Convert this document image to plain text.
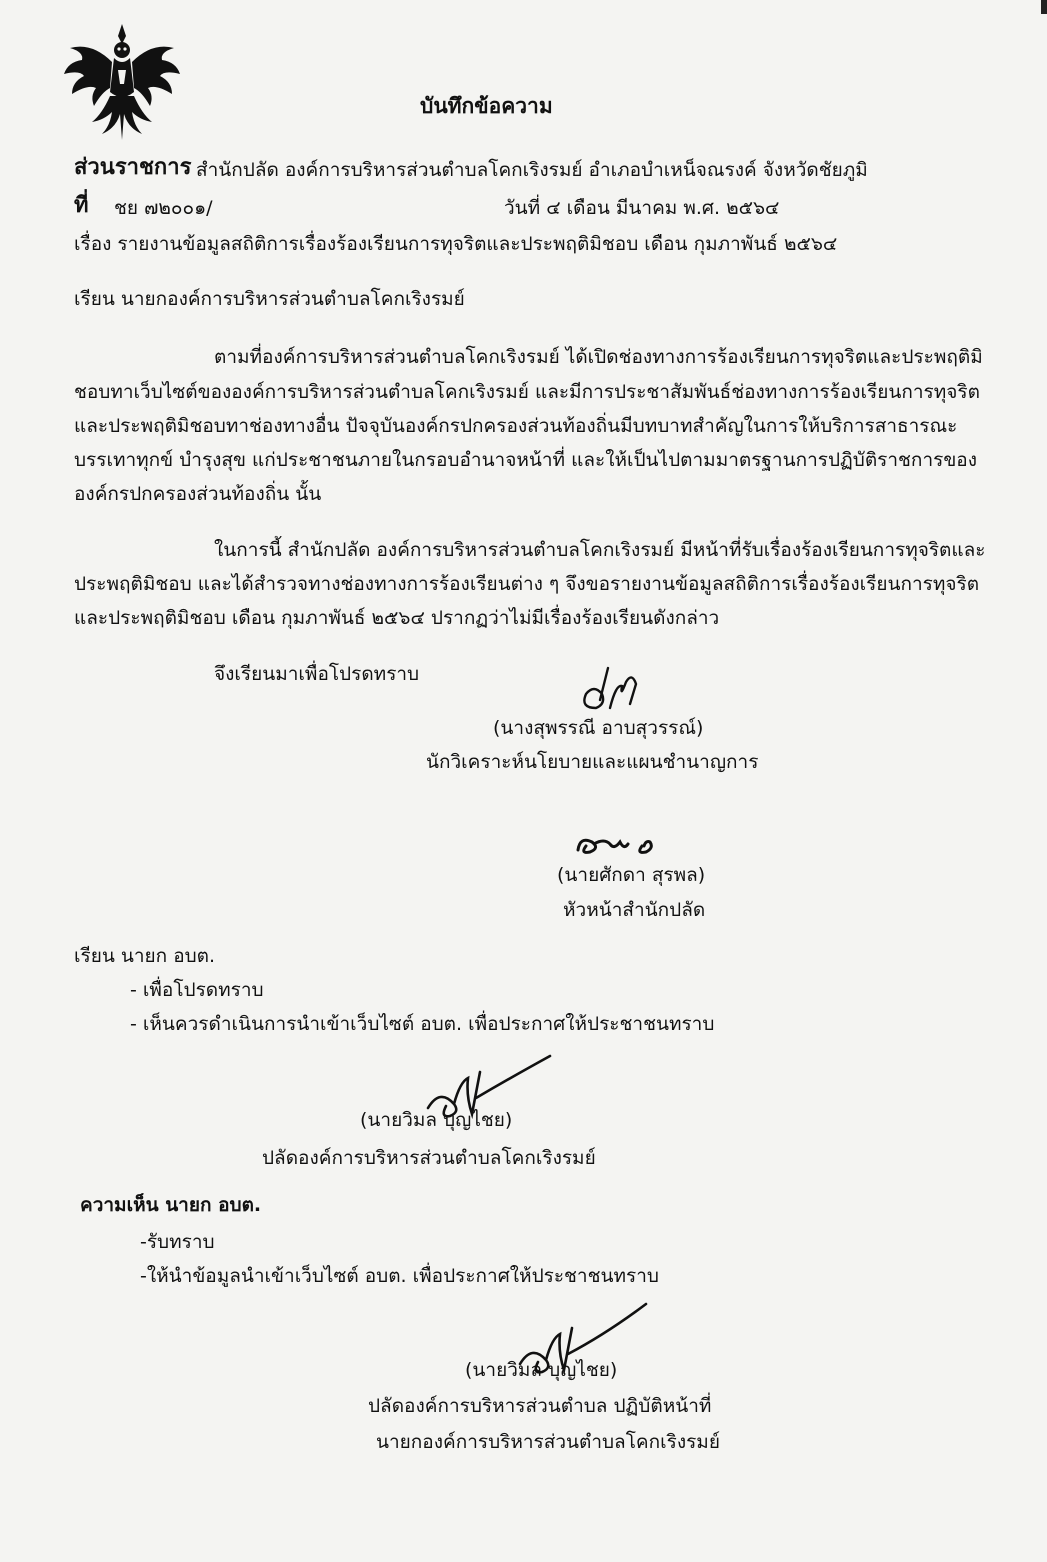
บันทึกข้อความ
ส่วนราชการ สำนักปลัด องค์การบริหารส่วนตำบลโคกเริงรมย์ อำเภอบำเหน็จณรงค์ จังหวัดชัยภูมิ
ที่ ชย ๗๒๐๐๑/	วันที่ ๔ เดือน มีนาคม พ.ศ. ๒๕๖๔
เรื่อง รายงานข้อมูลสถิติการเรื่องร้องเรียนการทุจริตและประพฤติมิชอบ เดือน กุมภาพันธ์ ๒๕๖๔
เรียน นายกองค์การบริหารส่วนตำบลโคกเริงรมย์
ตามที่องค์การบริหารส่วนตำบลโคกเริงรมย์ ได้เปิดช่องทางการร้องเรียนการทุจริตและประพฤติมิ
ชอบทาเว็บไซต์ขององค์การบริหารส่วนตำบลโคกเริงรมย์ และมีการประชาสัมพันธ์ช่องทางการร้องเรียนการทุจริต
และประพฤติมิชอบทาช่องทางอื่น ปัจจุบันองค์กรปกครองส่วนท้องถิ่นมีบทบาทสำคัญในการให้บริการสาธารณะ
บรรเทาทุกข์ บำรุงสุข แก่ประชาชนภายในกรอบอำนาจหน้าที่ และให้เป็นไปตามมาตรฐานการปฏิบัติราชการของ
องค์กรปกครองส่วนท้องถิ่น นั้น
ในการนี้ สำนักปลัด องค์การบริหารส่วนตำบลโคกเริงรมย์ มีหน้าที่รับเรื่องร้องเรียนการทุจริตและ
ประพฤติมิชอบ และได้สำรวจทางช่องทางการร้องเรียนต่าง ๆ จึงขอรายงานข้อมูลสถิติการเรื่องร้องเรียนการทุจริต
และประพฤติมิชอบ เดือน กุมภาพันธ์ ๒๕๖๔ ปรากฏว่าไม่มีเรื่องร้องเรียนดังกล่าว
จึงเรียนมาเพื่อโปรดทราบ
(นางสุพรรณี อาบสุวรรณ์)
นักวิเคราะห์นโยบายและแผนชำนาญการ
(นายศักดา สุรพล)
หัวหน้าสำนักปลัด
เรียน นายก อบต.
- เพื่อโปรดทราบ
- เห็นควรดำเนินการนำเข้าเว็บไซต์ อบต. เพื่อประกาศให้ประชาชนทราบ
(นายวิมล บุญไชย)
ปลัดองค์การบริหารส่วนตำบลโคกเริงรมย์
ความเห็น นายก อบต.
-รับทราบ
-ให้นำข้อมูลนำเข้าเว็บไซต์ อบต. เพื่อประกาศให้ประชาชนทราบ
(นายวิมล บุญไชย)
ปลัดองค์การบริหารส่วนตำบล ปฏิบัติหน้าที่
นายกองค์การบริหารส่วนตำบลโคกเริงรมย์
